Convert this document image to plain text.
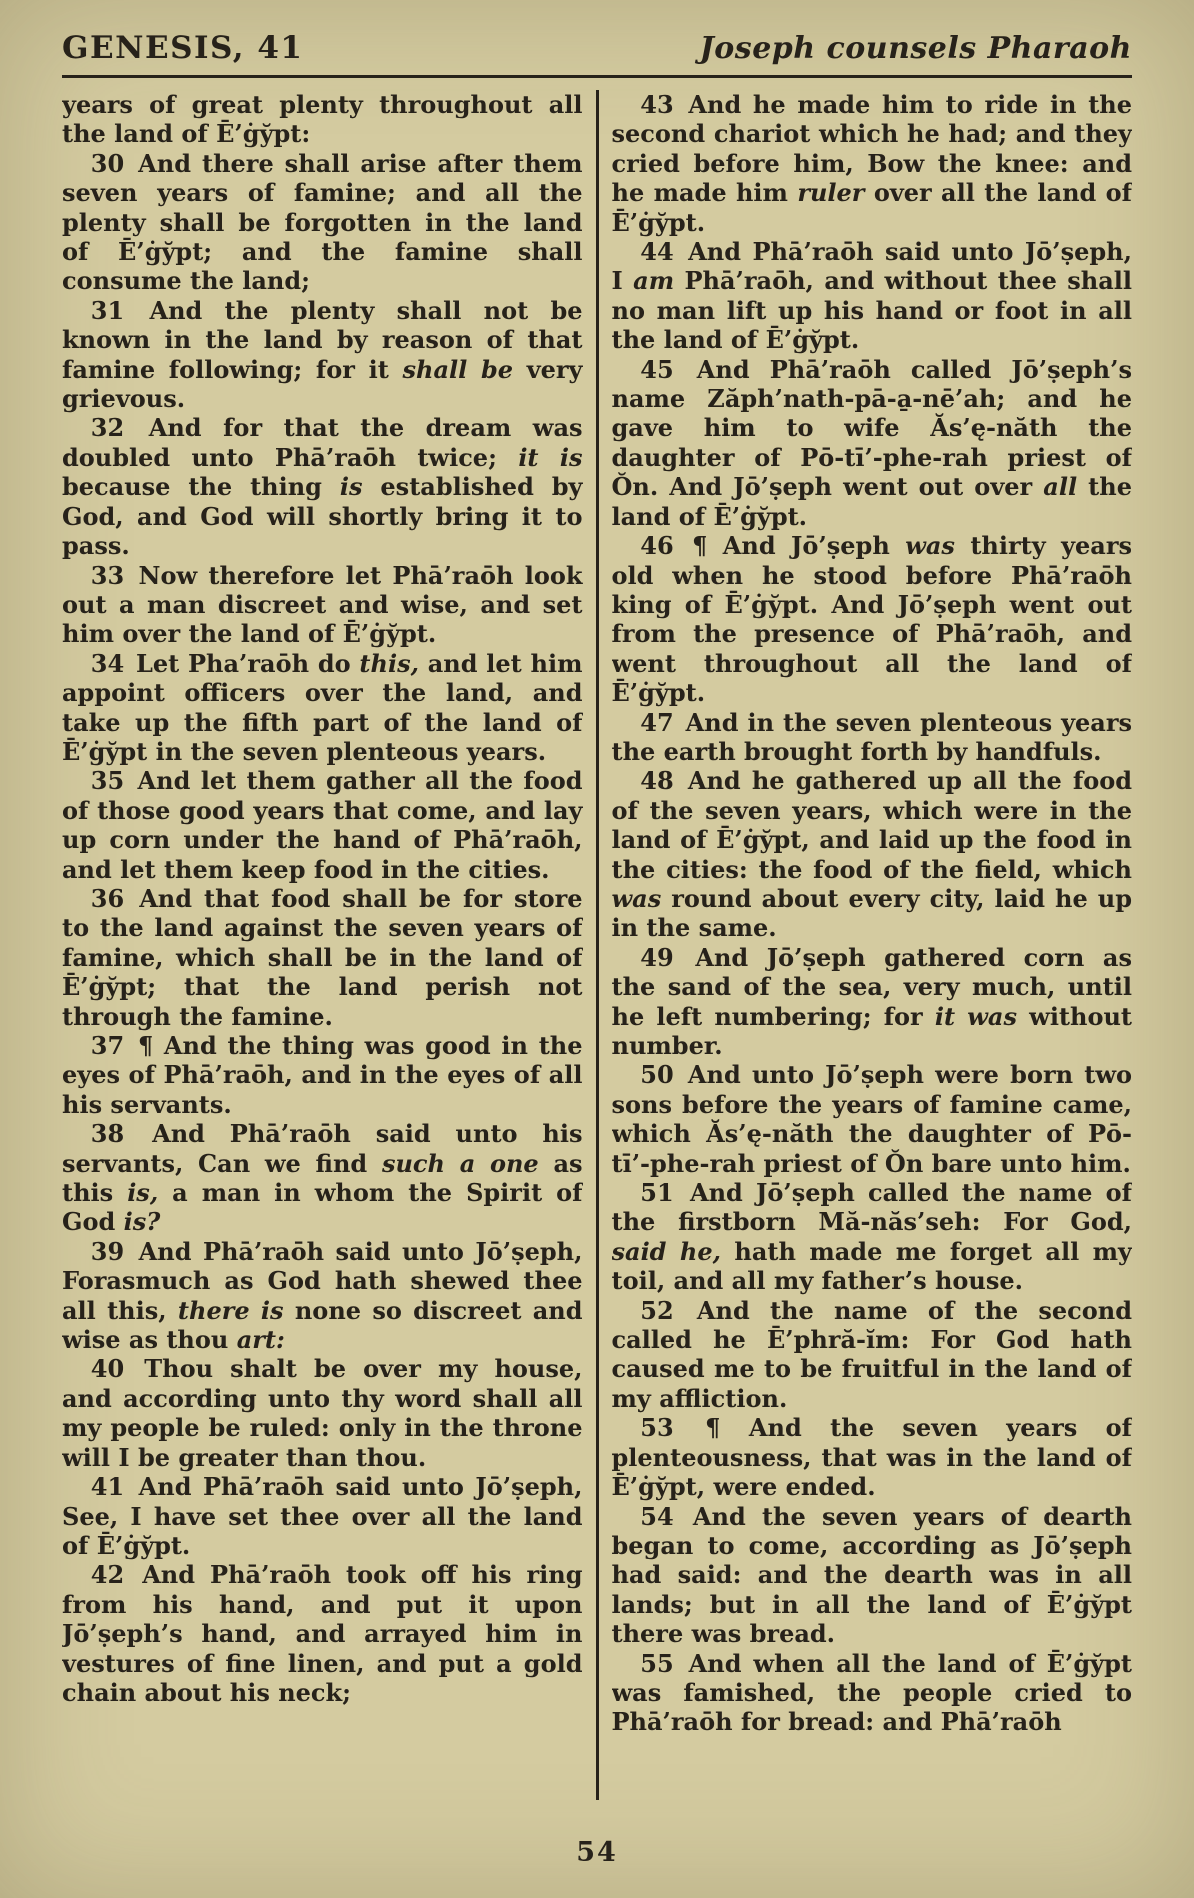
GENESIS, 41	Joseph counsels Pharaoh

years of great plenty throughout all the land of Ē’ġy̆pt:

30 And there shall arise after them seven years of famine; and all the plenty shall be forgotten in the land of Ē’ġy̆pt; and the famine shall consume the land;

31 And the plenty shall not be known in the land by reason of that famine following; for it shall be very grievous.

32 And for that the dream was doubled unto Phā’raōh twice; it is because the thing is established by God, and God will shortly bring it to pass.

33 Now therefore let Phā’raōh look out a man discreet and wise, and set him over the land of Ē’ġy̆pt.

34 Let Pha’raōh do this, and let him appoint officers over the land, and take up the fifth part of the land of Ē’ġy̆pt in the seven plenteous years.

35 And let them gather all the food of those good years that come, and lay up corn under the hand of Phā’raōh, and let them keep food in the cities.

36 And that food shall be for store to the land against the seven years of famine, which shall be in the land of Ē’ġy̆pt; that the land perish not through the famine.

37 ¶ And the thing was good in the eyes of Phā’raōh, and in the eyes of all his servants.

38 And Phā’raōh said unto his servants, Can we find such a one as this is, a man in whom the Spirit of God is?

39 And Phā’raōh said unto Jō’ṣeph, Forasmuch as God hath shewed thee all this, there is none so discreet and wise as thou art:

40 Thou shalt be over my house, and according unto thy word shall all my people be ruled: only in the throne will I be greater than thou.

41 And Phā’raōh said unto Jō’ṣeph, See, I have set thee over all the land of Ē’ġy̆pt.

42 And Phā’raōh took off his ring from his hand, and put it upon Jō’ṣeph’s hand, and arrayed him in vestures of fine linen, and put a gold chain about his neck;

43 And he made him to ride in the second chariot which he had; and they cried before him, Bow the knee: and he made him ruler over all the land of Ē’ġy̆pt.

44 And Phā’raōh said unto Jō’ṣeph, I am Phā’raōh, and without thee shall no man lift up his hand or foot in all the land of Ē’ġy̆pt.

45 And Phā’raōh called Jō’ṣeph’s name Zăph’nath-pā-a̱-nē’ah; and he gave him to wife Ăs’ę-năth the daughter of Pō-tī’-phe-rah priest of Ŏn. And Jō’ṣeph went out over all the land of Ē’ġy̆pt.

46 ¶ And Jō’ṣeph was thirty years old when he stood before Phā’raōh king of Ē’ġy̆pt. And Jō’ṣeph went out from the presence of Phā’raōh, and went throughout all the land of Ē’ġy̆pt.

47 And in the seven plenteous years the earth brought forth by handfuls.

48 And he gathered up all the food of the seven years, which were in the land of Ē’ġy̆pt, and laid up the food in the cities: the food of the field, which was round about every city, laid he up in the same.

49 And Jō’ṣeph gathered corn as the sand of the sea, very much, until he left numbering; for it was without number.

50 And unto Jō’ṣeph were born two sons before the years of famine came, which Ăs’ę-năth the daughter of Pō-tī’-phe-rah priest of Ŏn bare unto him.

51 And Jō’ṣeph called the name of the firstborn Mă-năs’seh: For God, said he, hath made me forget all my toil, and all my father’s house.

52 And the name of the second called he Ē’phră-ĭm: For God hath caused me to be fruitful in the land of my affliction.

53 ¶ And the seven years of plenteousness, that was in the land of Ē’ġy̆pt, were ended.

54 And the seven years of dearth began to come, according as Jō’ṣeph had said: and the dearth was in all lands; but in all the land of Ē’ġy̆pt there was bread.

55 And when all the land of Ē’ġy̆pt was famished, the people cried to Phā’raōh for bread: and Phā’raōh

54
